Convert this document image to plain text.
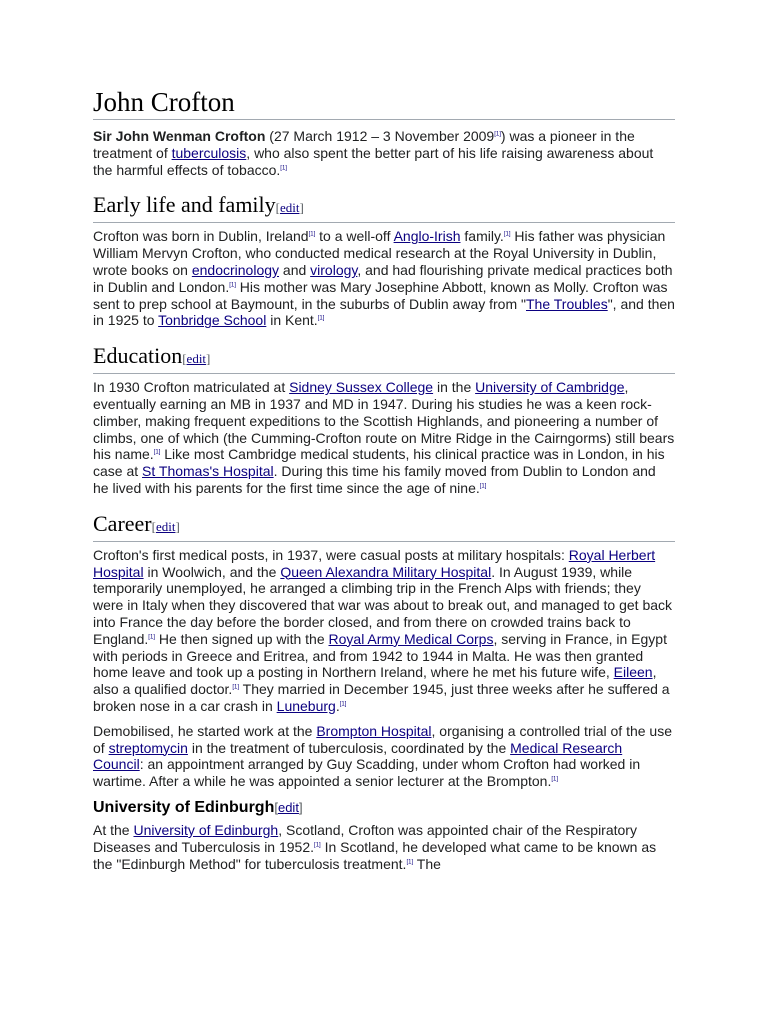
John Crofton

Sir John Wenman Crofton (27 March 1912 – 3 November 2009[1]) was a pioneer in the treatment of tuberculosis, who also spent the better part of his life raising awareness about the harmful effects of tobacco.[1]

Early life and family[edit]

Crofton was born in Dublin, Ireland[1] to a well-off Anglo-Irish family.[1] His father was physician William Mervyn Crofton, who conducted medical research at the Royal University in Dublin, wrote books on endocrinology and virology, and had flourishing private medical practices both in Dublin and London.[1] His mother was Mary Josephine Abbott, known as Molly. Crofton was sent to prep school at Baymount, in the suburbs of Dublin away from "The Troubles", and then in 1925 to Tonbridge School in Kent.[1]

Education[edit]

In 1930 Crofton matriculated at Sidney Sussex College in the University of Cambridge, eventually earning an MB in 1937 and MD in 1947. During his studies he was a keen rock-climber, making frequent expeditions to the Scottish Highlands, and pioneering a number of climbs, one of which (the Cumming-Crofton route on Mitre Ridge in the Cairngorms) still bears his name.[1] Like most Cambridge medical students, his clinical practice was in London, in his case at St Thomas's Hospital. During this time his family moved from Dublin to London and he lived with his parents for the first time since the age of nine.[1]

Career[edit]

Crofton's first medical posts, in 1937, were casual posts at military hospitals: Royal Herbert Hospital in Woolwich, and the Queen Alexandra Military Hospital. In August 1939, while temporarily unemployed, he arranged a climbing trip in the French Alps with friends; they were in Italy when they discovered that war was about to break out, and managed to get back into France the day before the border closed, and from there on crowded trains back to England.[1] He then signed up with the Royal Army Medical Corps, serving in France, in Egypt with periods in Greece and Eritrea, and from 1942 to 1944 in Malta. He was then granted home leave and took up a posting in Northern Ireland, where he met his future wife, Eileen, also a qualified doctor.[1] They married in December 1945, just three weeks after he suffered a broken nose in a car crash in Luneburg.[1]

Demobilised, he started work at the Brompton Hospital, organising a controlled trial of the use of streptomycin in the treatment of tuberculosis, coordinated by the Medical Research Council: an appointment arranged by Guy Scadding, under whom Crofton had worked in wartime. After a while he was appointed a senior lecturer at the Brompton.[1]

University of Edinburgh[edit]

At the University of Edinburgh, Scotland, Crofton was appointed chair of the Respiratory Diseases and Tuberculosis in 1952.[1] In Scotland, he developed what came to be known as the "Edinburgh Method" for tuberculosis treatment.[1] The
